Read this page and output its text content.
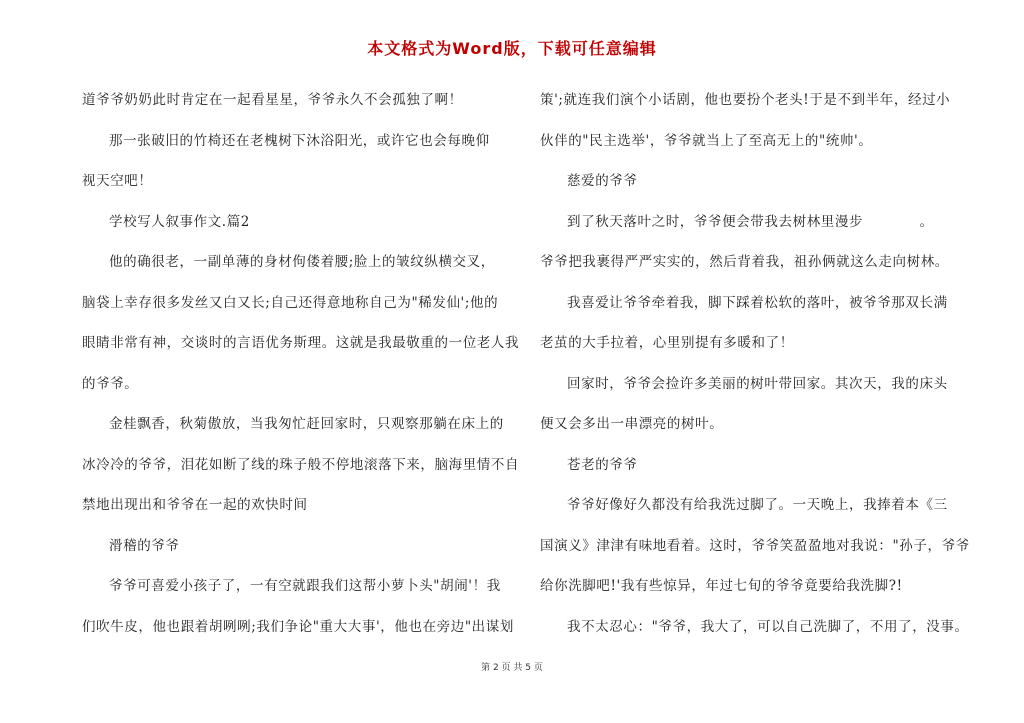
本文格式为Word版，下载可任意编辑
道爷爷奶奶此时肯定在一起看星星，爷爷永久不会孤独了啊！
那一张破旧的竹椅还在老槐树下沐浴阳光，或许它也会每晚仰
视天空吧！
学校写人叙事作文.篇2
他的确很老，一副单薄的身材佝偻着腰;脸上的皱纹纵横交叉，
脑袋上幸存很多发丝又白又长;自己还得意地称自己为"稀发仙';他的
眼睛非常有神，交谈时的言语优务斯理。这就是我最敬重的一位老人我
的爷爷。
金桂飘香，秋菊傲放，当我匆忙赶回家时，只观察那躺在床上的
冰冷冷的爷爷，泪花如断了线的珠子般不停地滚落下来，脑海里情不自
禁地出现出和爷爷在一起的欢快时间
滑稽的爷爷
爷爷可喜爱小孩子了，一有空就跟我们这帮小萝卜头"胡闹'！我
们吹牛皮，他也跟着胡咧咧;我们争论"重大大事'，他也在旁边"出谋划
策';就连我们演个小话剧，他也要扮个老头!于是不到半年，经过小
伙伴的"民主选举'，爷爷就当上了至高无上的"统帅'。
慈爱的爷爷
到了秋天落叶之时，爷爷便会带我去树林里漫步　　　　。
爷爷把我裹得严严实实的，然后背着我，祖孙俩就这么走向树林。
我喜爱让爷爷牵着我，脚下踩着松软的落叶，被爷爷那双长满
老茧的大手拉着，心里别提有多暖和了！
回家时，爷爷会捡许多美丽的树叶带回家。其次天，我的床头
便又会多出一串漂亮的树叶。
苍老的爷爷
爷爷好像好久都没有给我洗过脚了。一天晚上，我捧着本《三
国演义》津津有味地看着。这时，爷爷笑盈盈地对我说："孙子，爷爷
给你洗脚吧!'我有些惊异，年过七旬的爷爷竟要给我洗脚?!
我不太忍心："爷爷，我大了，可以自己洗脚了，不用了，没事。
第 2 页 共 5 页
